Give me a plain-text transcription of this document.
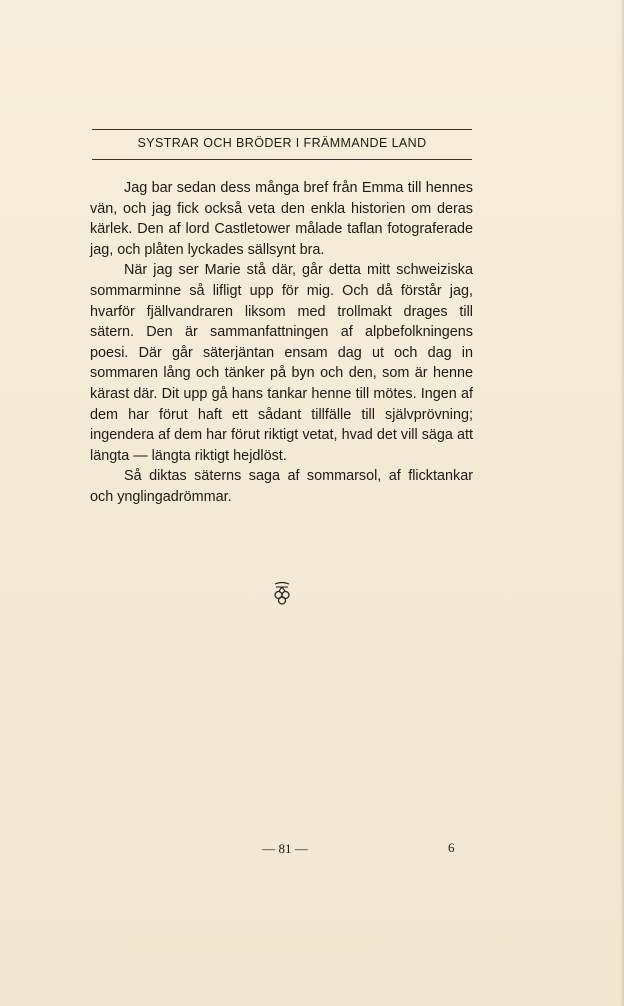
SYSTRAR OCH BRÖDER I FRÄMMANDE LAND

Jag bar sedan dess många bref från Emma till hennes vän, och jag fick också veta den enkla historien om deras kärlek. Den af lord Castletower målade taflan fotograferade jag, och plåten lyckades sällsynt bra.

När jag ser Marie stå där, går detta mitt schweiziska sommarminne så lifligt upp för mig. Och då förstår jag, hvarför fjällvandraren liksom med trollmakt drages till sätern. Den är sammanfattningen af alpbefolkningens poesi. Där går säterjäntan ensam dag ut och dag in sommaren lång och tänker på byn och den, som är henne kärast där. Dit upp gå hans tankar henne till mötes. Ingen af dem har förut haft ett sådant tillfälle till självprövning; ingendera af dem har förut riktigt vetat, hvad det vill säga att längta — längta riktigt hejdlöst.

Så diktas säterns saga af sommarsol, af flicktankar och ynglingadrömmar.

— 81 —	6
